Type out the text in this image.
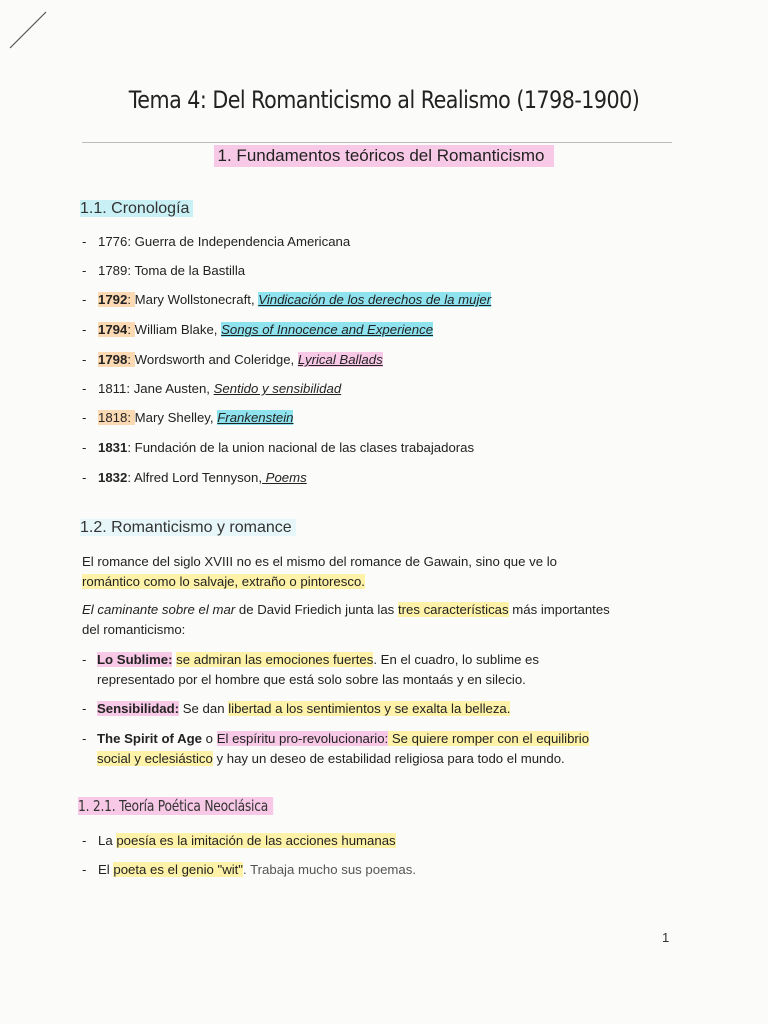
Tema 4: Del Romanticismo al Realismo (1798-1900)
1. Fundamentos teóricos del Romanticismo
1.1. Cronología
- 1776: Guerra de Independencia Americana
- 1789: Toma de la Bastilla
- 1792: Mary Wollstonecraft, Vindicación de los derechos de la mujer
- 1794: William Blake, Songs of Innocence and Experience
- 1798: Wordsworth and Coleridge, Lyrical Ballads
- 1811: Jane Austen, Sentido y sensibilidad
- 1818: Mary Shelley, Frankenstein
- 1831: Fundación de la union nacional de las clases trabajadoras
- 1832: Alfred Lord Tennyson, Poems
1.2. Romanticismo y romance
El romance del siglo XVIII no es el mismo del romance de Gawain, sino que ve lo
romántico como lo salvaje, extraño o pintoresco.
El caminante sobre el mar de David Friedich junta las tres características más importantes
del romanticismo:
- Lo Sublime: se admiran las emociones fuertes. En el cuadro, lo sublime es
representado por el hombre que está solo sobre las montaás y en silecio.
- Sensibilidad: Se dan libertad a los sentimientos y se exalta la belleza.
- The Spirit of Age o El espíritu pro-revolucionario: Se quiere romper con el equilibrio
social y eclesiástico y hay un deseo de estabilidad religiosa para todo el mundo.
1. 2.1. Teoría Poética Neoclásica
- La poesía es la imitación de las acciones humanas
- El poeta es el genio "wit". Trabaja mucho sus poemas.
1
